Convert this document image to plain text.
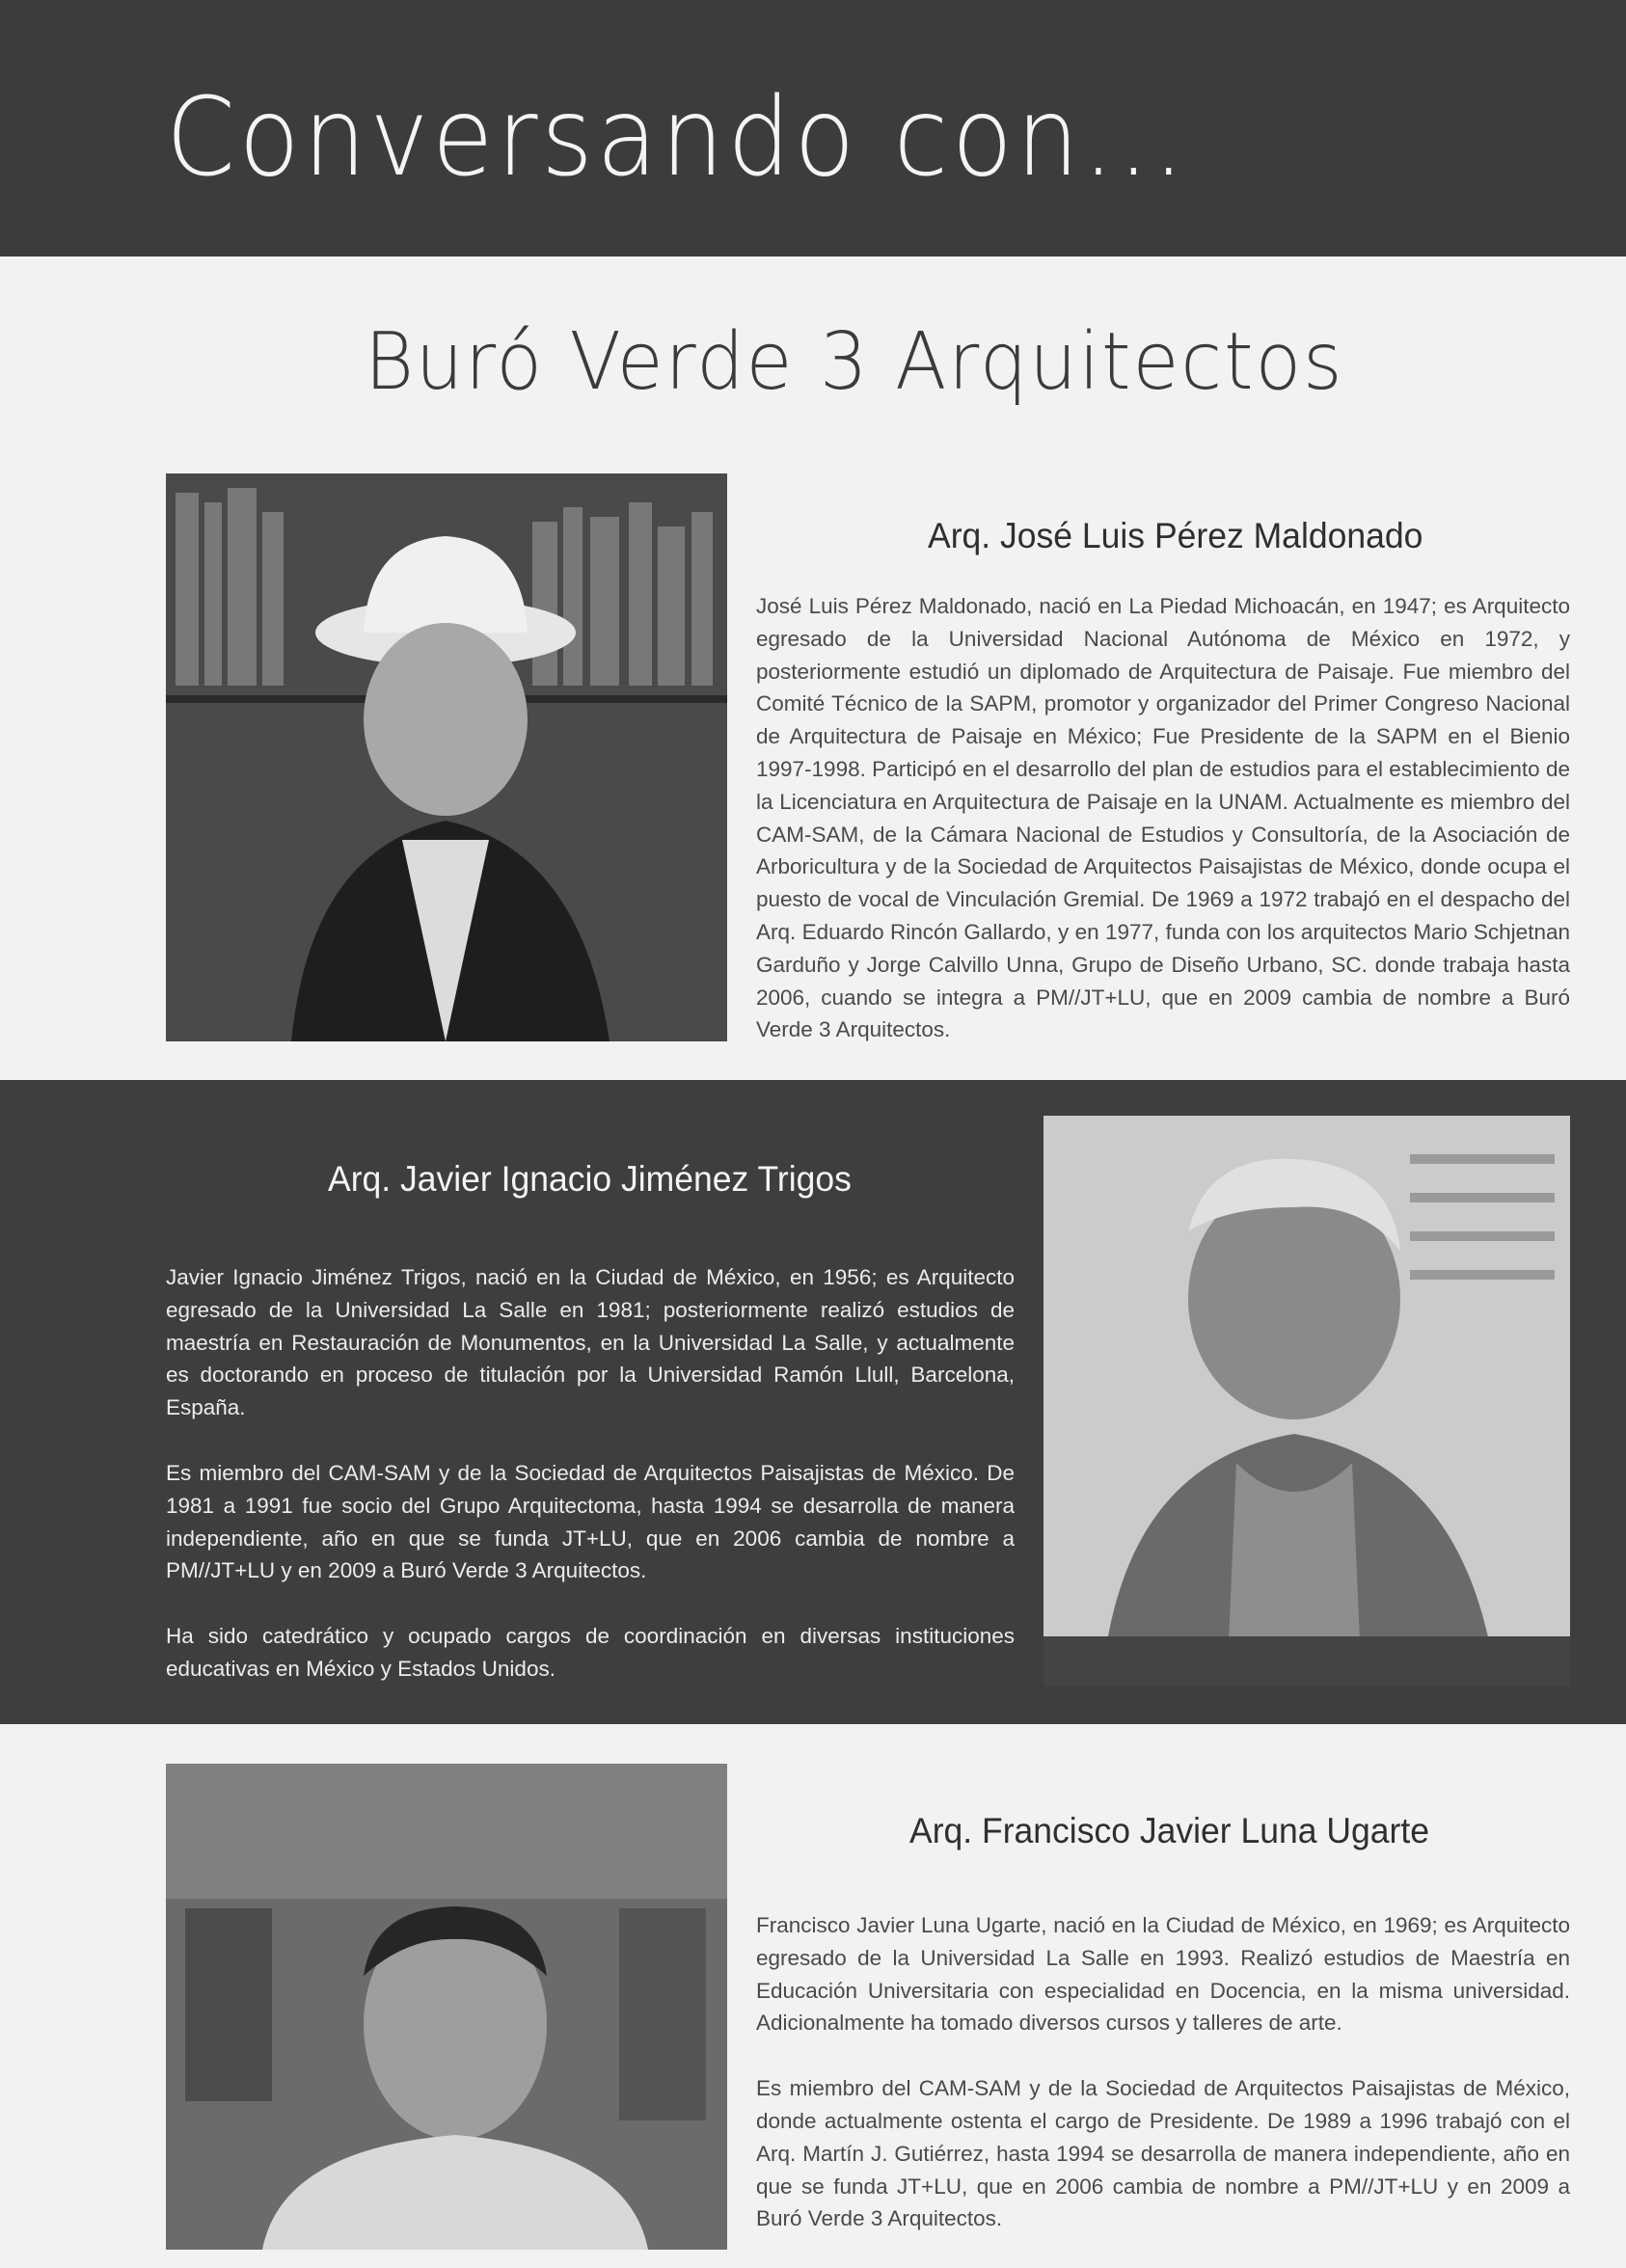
Conversando con...
Buró Verde 3 Arquitectos
Arq. José Luis Pérez Maldonado

José Luis Pérez Maldonado, nació en La Piedad Michoacán, en 1947; es Arquitecto egresado de la Universidad Nacional Autónoma de México en 1972, y posteriormente estudió un diplomado de Arquitectura de Paisaje. Fue miembro del Comité Técnico de la SAPM, promotor y organizador del Primer Congreso Nacional de Arquitectura de Paisaje en México; Fue Presidente de la SAPM en el Bienio 1997-1998. Participó en el desarrollo del plan de estudios para el establecimiento de la Licenciatura en Arquitectura de Paisaje en la UNAM. Actualmente es miembro del CAM-SAM, de la Cámara Nacional de Estudios y Consultoría, de la Asociación de Arboricultura y de la Sociedad de Arquitectos Paisajistas de México, donde ocupa el puesto de vocal de Vinculación Gremial. De 1969 a 1972 trabajó en el despacho del Arq. Eduardo Rincón Gallardo, y en 1977, funda con los arquitectos Mario Schjetnan Garduño y Jorge Calvillo Unna, Grupo de Diseño Urbano, SC. donde trabaja hasta 2006, cuando se integra a PM//JT+LU, que en 2009 cambia de nombre a Buró Verde 3 Arquitectos.

Arq. Javier Ignacio Jiménez Trigos

Javier Ignacio Jiménez Trigos, nació en la Ciudad de México, en 1956; es Arquitecto egresado de la Universidad La Salle en 1981; posteriormente realizó estudios de maestría en Restauración de Monumentos, en la Universidad La Salle, y actualmente es doctorando en proceso de titulación por la Universidad Ramón Llull, Barcelona, España.

Es miembro del CAM-SAM y de la Sociedad de Arquitectos Paisajistas de México. De 1981 a 1991 fue socio del Grupo Arquitectoma, hasta 1994 se desarrolla de manera independiente, año en que se funda JT+LU, que en 2006 cambia de nombre a PM//JT+LU y en 2009 a Buró Verde 3 Arquitectos.

Ha sido catedrático y ocupado cargos de coordinación en diversas instituciones educativas en México y Estados Unidos.

Arq. Francisco Javier Luna Ugarte

Francisco Javier Luna Ugarte, nació en la Ciudad de México, en 1969; es Arquitecto egresado de la Universidad La Salle en 1993. Realizó estudios de Maestría en Educación Universitaria con especialidad en Docencia, en la misma universidad. Adicionalmente ha tomado diversos cursos y talleres de arte.

Es miembro del CAM-SAM y de la Sociedad de Arquitectos Paisajistas de México, donde actualmente ostenta el cargo de Presidente. De 1989 a 1996 trabajó con el Arq. Martín J. Gutiérrez, hasta 1994 se desarrolla de manera independiente, año en que se funda JT+LU, que en 2006 cambia de nombre a PM//JT+LU y en 2009 a Buró Verde 3 Arquitectos.
